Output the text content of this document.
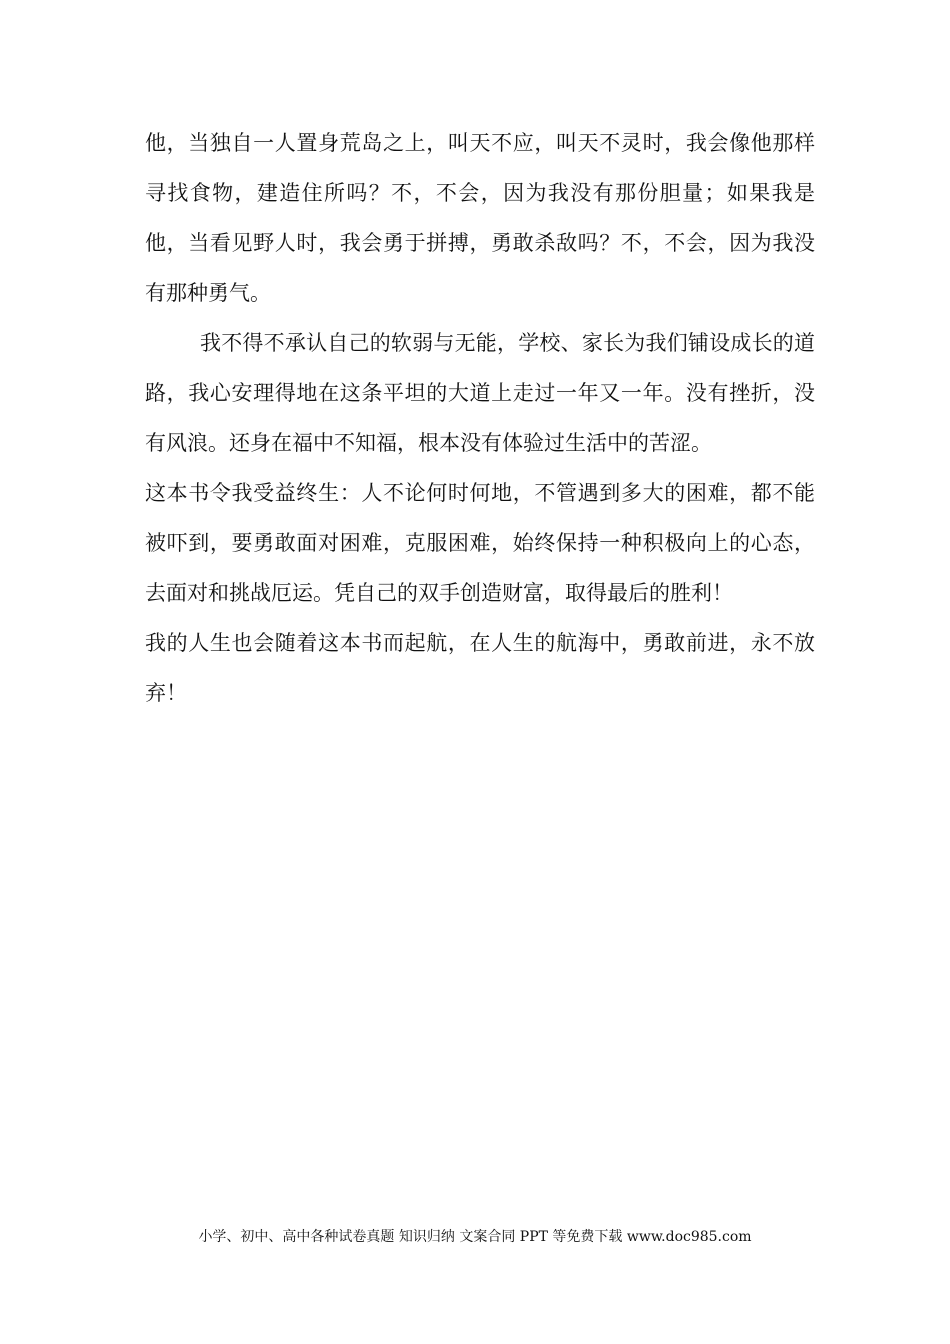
他，当独自一人置身荒岛之上，叫天不应，叫天不灵时，我会像他那样寻找食物，建造住所吗？不，不会，因为我没有那份胆量；如果我是他，当看见野人时，我会勇于拼搏，勇敢杀敌吗？不，不会，因为我没有那种勇气。

我不得不承认自己的软弱与无能，学校、家长为我们铺设成长的道路，我心安理得地在这条平坦的大道上走过一年又一年。没有挫折，没有风浪。还身在福中不知福，根本没有体验过生活中的苦涩。

这本书令我受益终生：人不论何时何地，不管遇到多大的困难，都不能被吓到，要勇敢面对困难，克服困难，始终保持一种积极向上的心态，去面对和挑战厄运。凭自己的双手创造财富，取得最后的胜利！

我的人生也会随着这本书而起航，在人生的航海中，勇敢前进，永不放弃！

小学、初中、高中各种试卷真题 知识归纳 文案合同 PPT 等免费下载 www.doc985.com
